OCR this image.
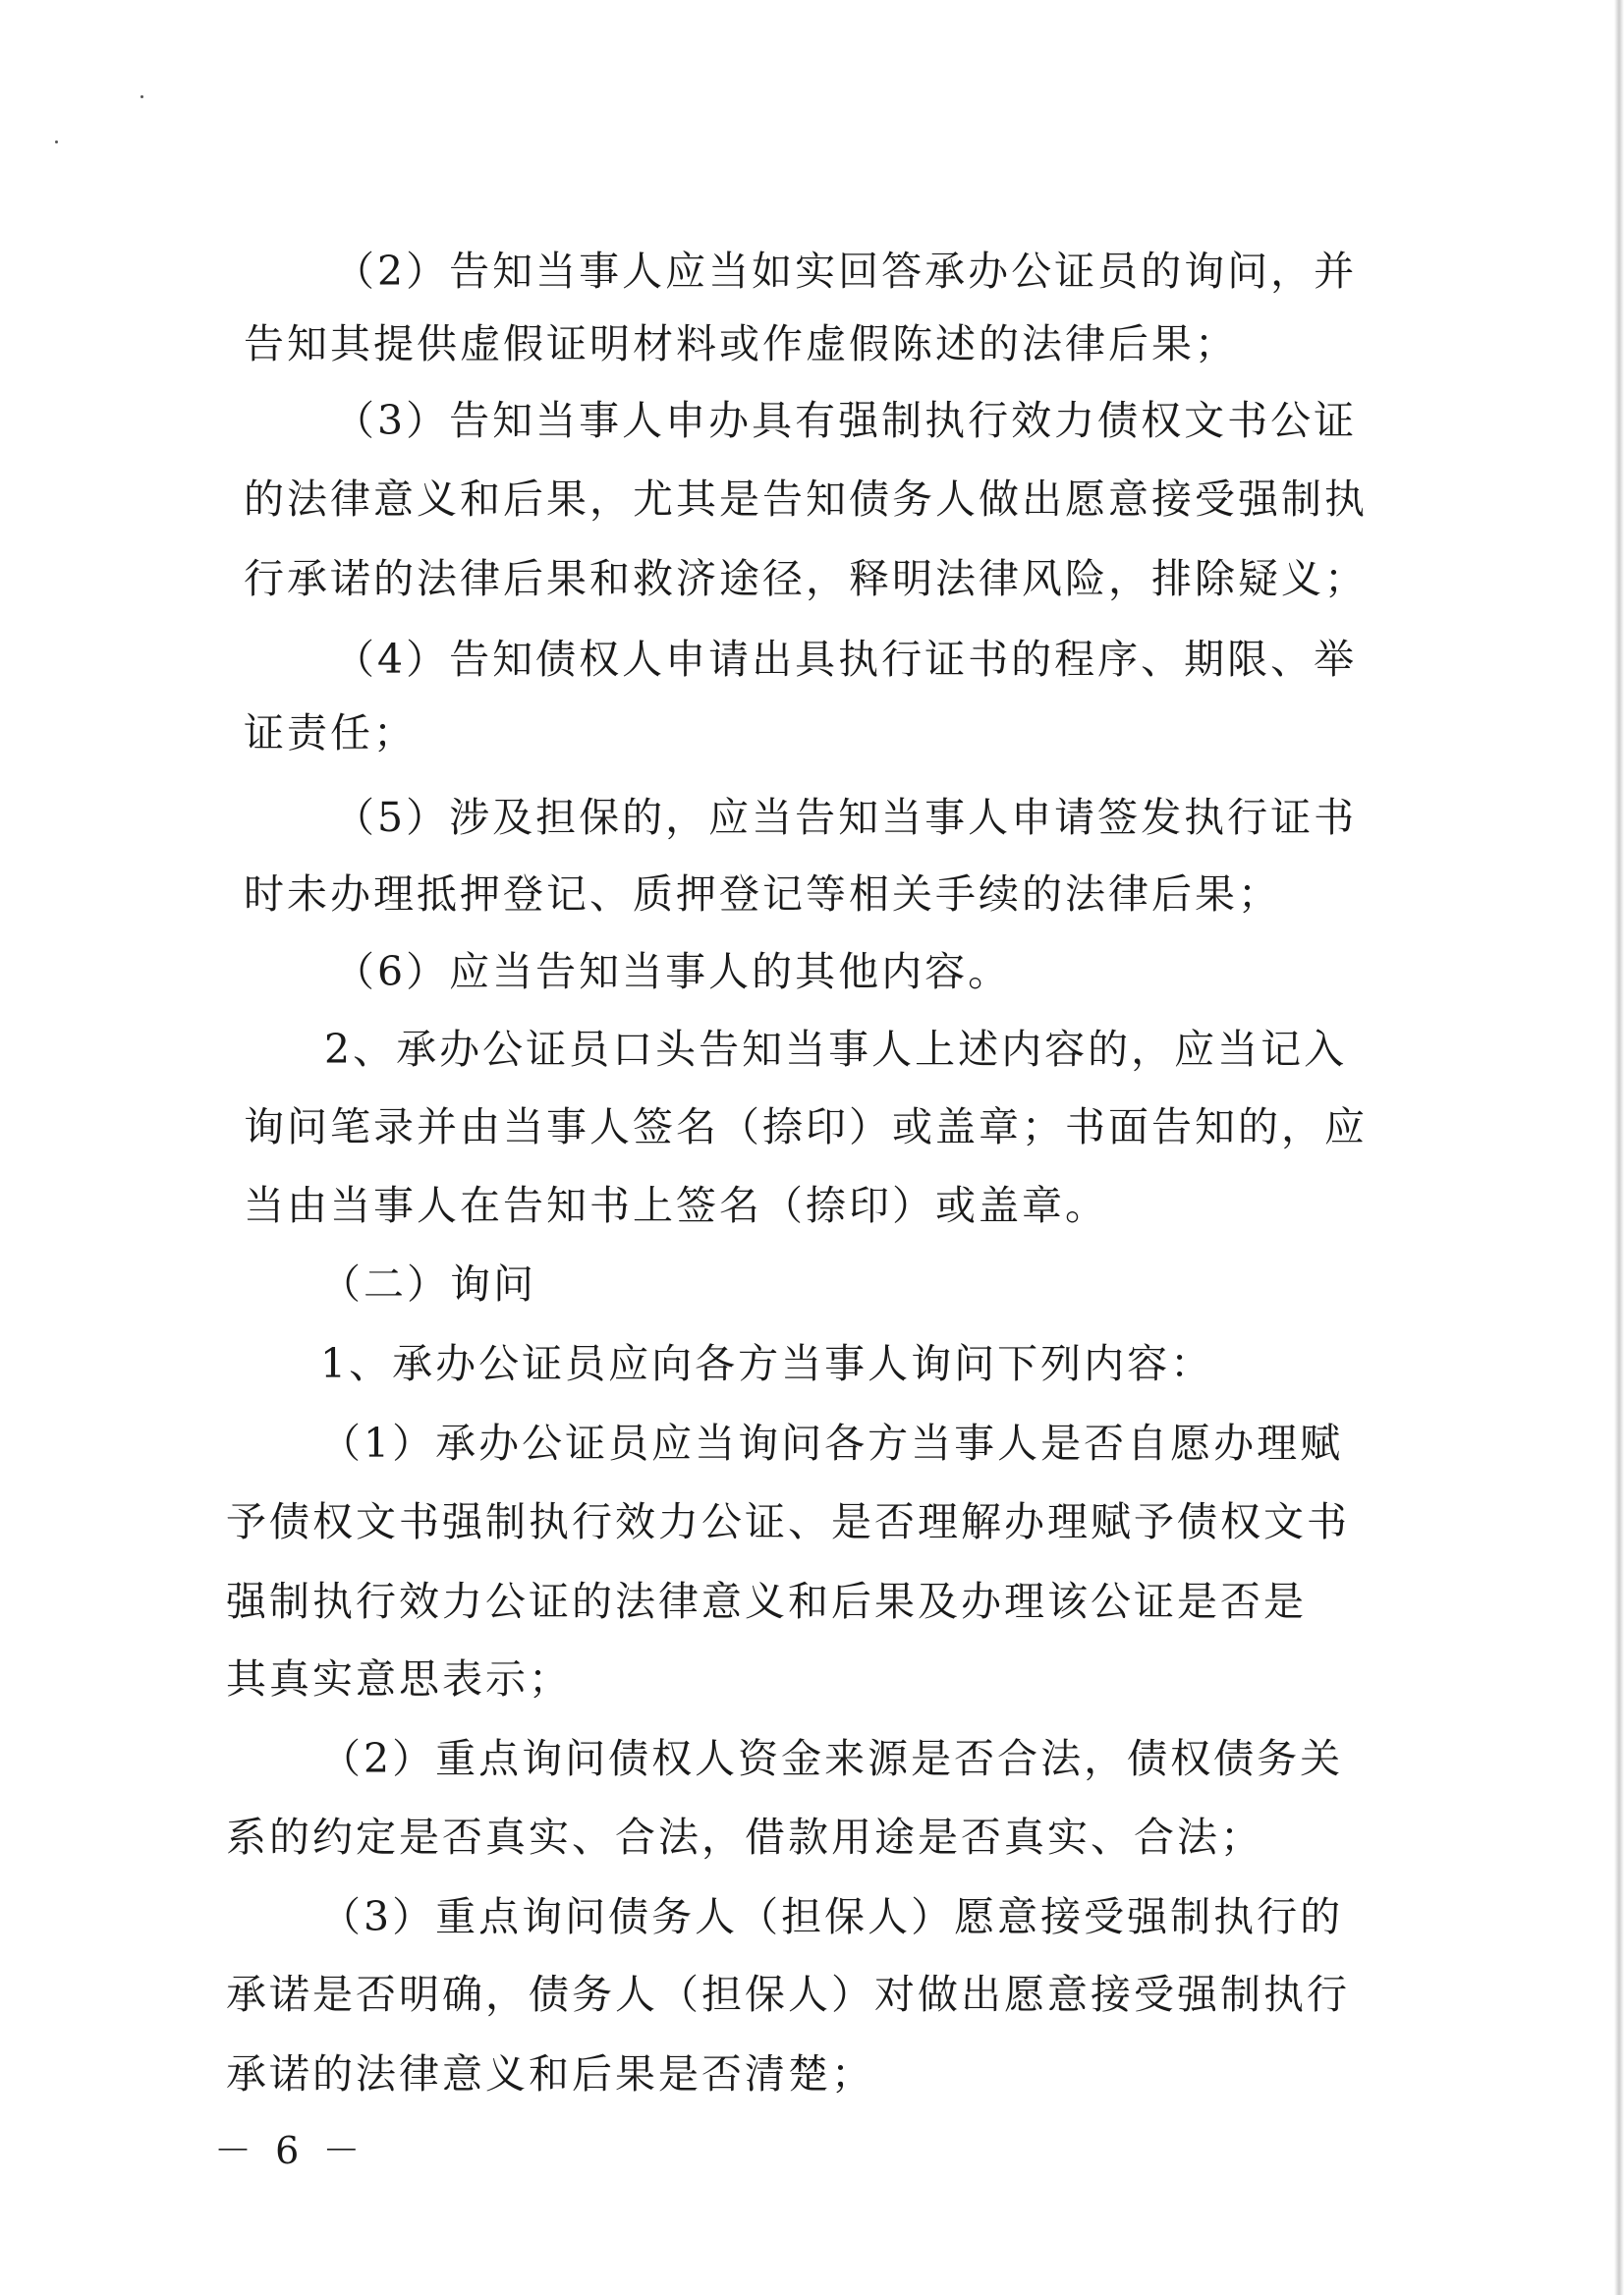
（2）告知当事人应当如实回答承办公证员的询问，并
告知其提供虚假证明材料或作虚假陈述的法律后果；
（3）告知当事人申办具有强制执行效力债权文书公证
的法律意义和后果，尤其是告知债务人做出愿意接受强制执
行承诺的法律后果和救济途径，释明法律风险，排除疑义；
（4）告知债权人申请出具执行证书的程序、期限、举
证责任；
（5）涉及担保的，应当告知当事人申请签发执行证书
时未办理抵押登记、质押登记等相关手续的法律后果；
（6）应当告知当事人的其他内容。
2、承办公证员口头告知当事人上述内容的，应当记入
询问笔录并由当事人签名（捺印）或盖章；书面告知的，应
当由当事人在告知书上签名（捺印）或盖章。
（二）询问
1、承办公证员应向各方当事人询问下列内容：
（1）承办公证员应当询问各方当事人是否自愿办理赋
予债权文书强制执行效力公证、是否理解办理赋予债权文书
强制执行效力公证的法律意义和后果及办理该公证是否是
其真实意思表示；
（2）重点询问债权人资金来源是否合法，债权债务关
系的约定是否真实、合法，借款用途是否真实、合法；
（3）重点询问债务人（担保人）愿意接受强制执行的
承诺是否明确，债务人（担保人）对做出愿意接受强制执行
承诺的法律意义和后果是否清楚；
－ 6 －
